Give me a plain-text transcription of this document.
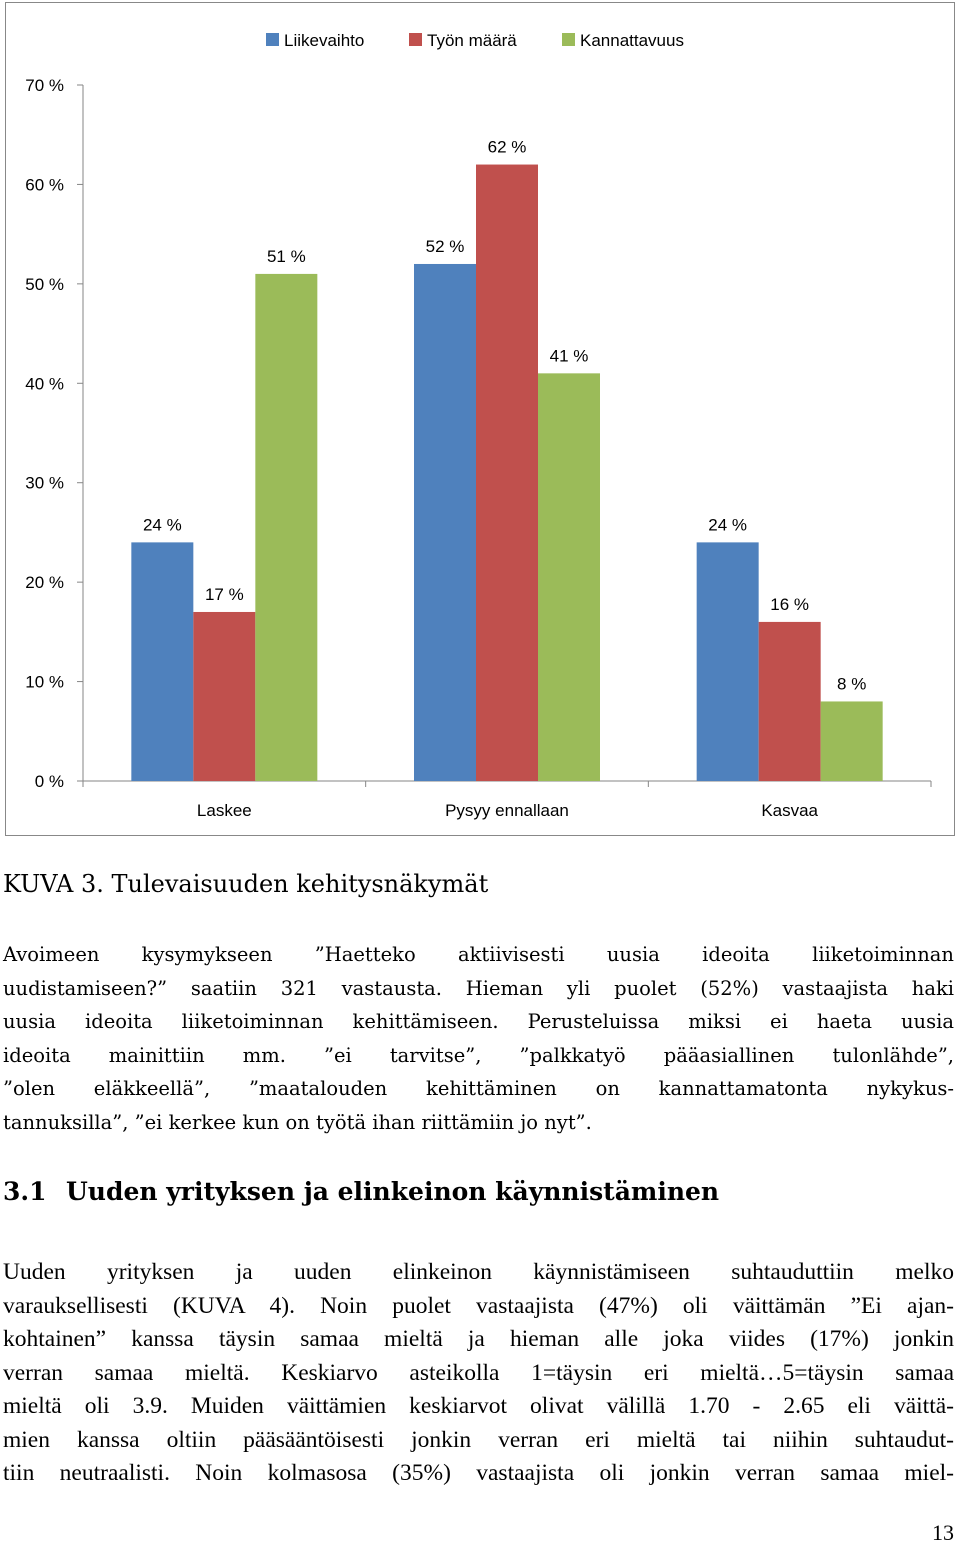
0 %
10 %
20 %
30 %
40 %
50 %
60 %
70 %
24 %
17 %
51 %
Laskee
52 %
62 %
41 %
Pysyy ennallaan
24 %
16 %
8 %
Kasvaa
Liikevaihto	Työn määrä	Kannattavuus
KUVA 3. Tulevaisuuden kehitysnäkymät
Avoimeen kysymykseen ”Haetteko aktiivisesti uusia ideoita liiketoiminnan
uudistamiseen?” saatiin 321 vastausta. Hieman yli puolet (52%) vastaajista haki
uusia ideoita liiketoiminnan kehittämiseen. Perusteluissa miksi ei haeta uusia
ideoita mainittiin mm. ”ei tarvitse”, ”palkkatyö pääasiallinen tulonlähde”,
”olen eläkkeellä”, ”maatalouden kehittäminen on kannattamatonta nykykus-
tannuksilla”, ”ei kerkee kun on työtä ihan riittämiin jo nyt”.
3.1 Uuden yrityksen ja elinkeinon käynnistäminen
Uuden yrityksen ja uuden elinkeinon käynnistämiseen suhtauduttiin melko
varauksellisesti (KUVA 4). Noin puolet vastaajista (47%) oli väittämän ”Ei ajan-
kohtainen” kanssa täysin samaa mieltä ja hieman alle joka viides (17%) jonkin
verran samaa mieltä. Keskiarvo asteikolla 1=täysin eri mieltä…5=täysin samaa
mieltä oli 3.9. Muiden väittämien keskiarvot olivat välillä 1.70 - 2.65 eli väittä-
mien kanssa oltiin pääsääntöisesti jonkin verran eri mieltä tai niihin suhtaudut-
tiin neutraalisti. Noin kolmasosa (35%) vastaajista oli jonkin verran samaa miel-
13
